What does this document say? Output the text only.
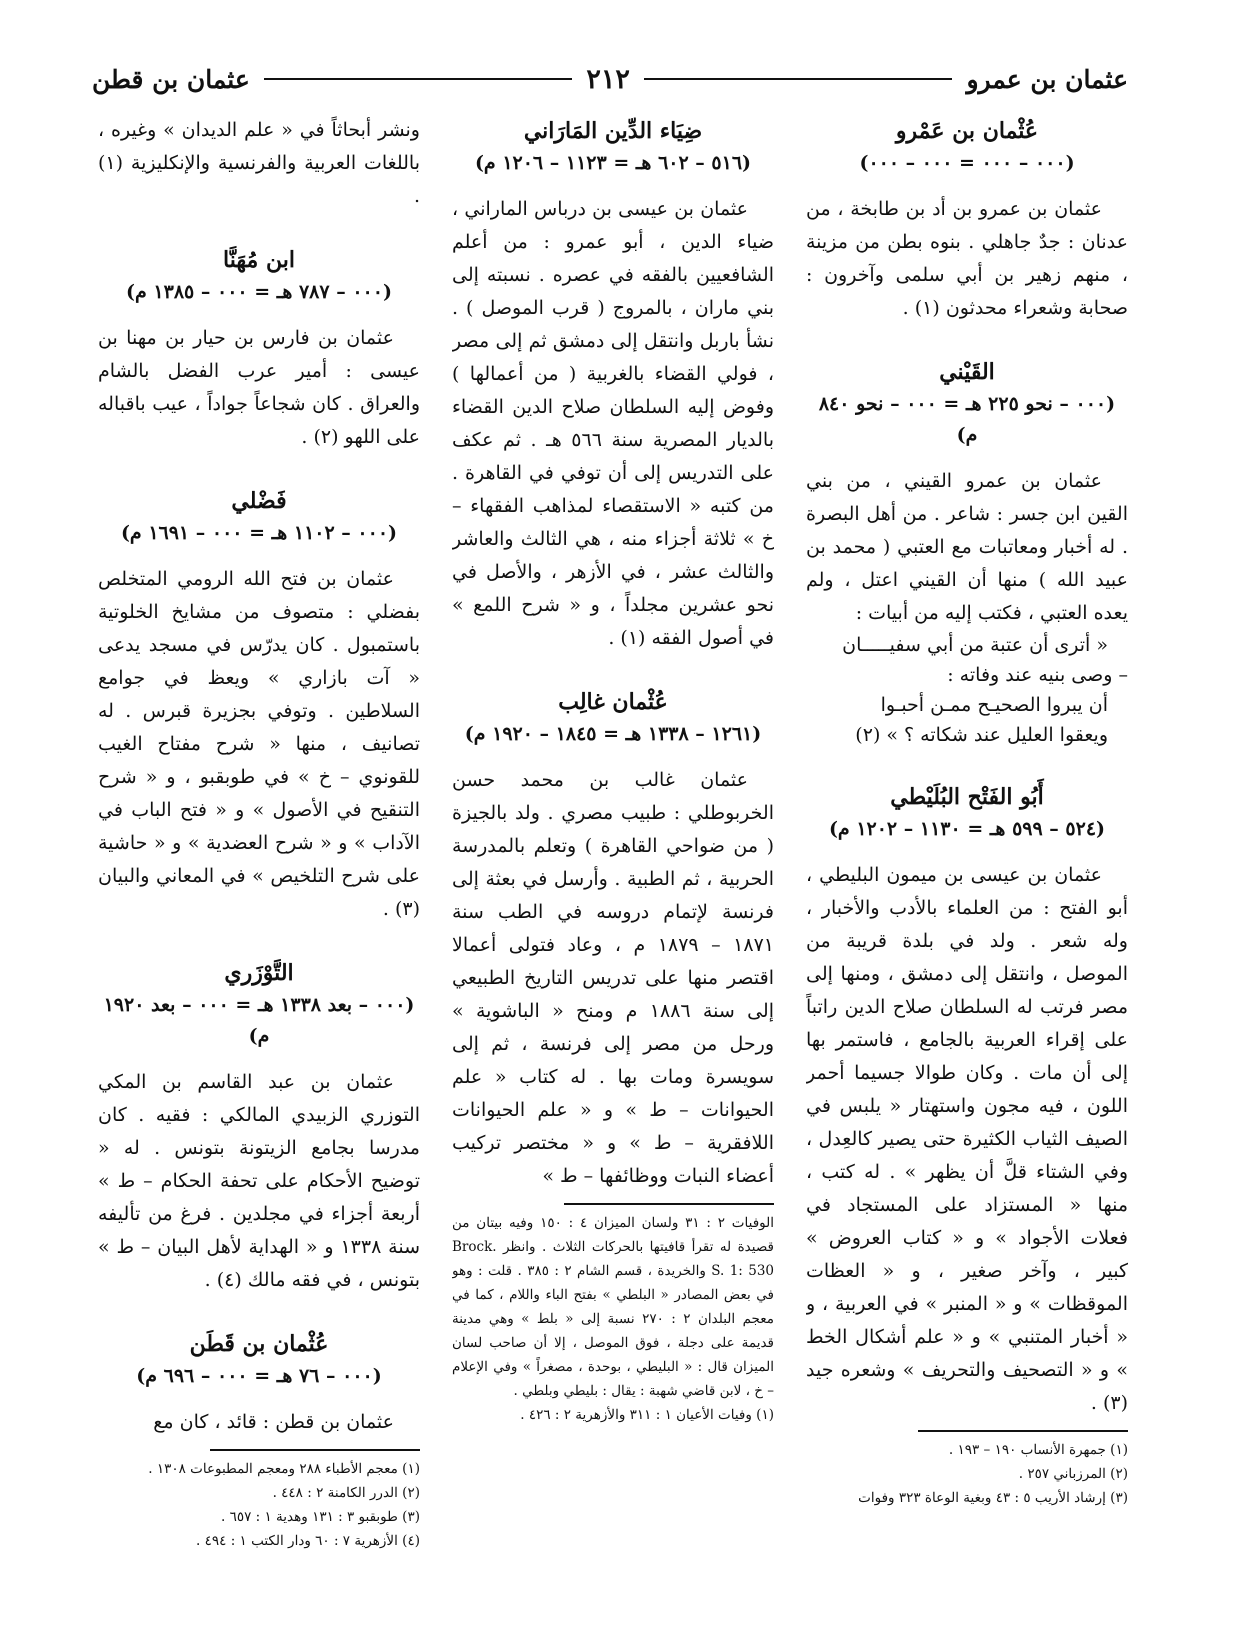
عثمان بن عمرو
٢١٢
عثمان بن قطن
عُثْمان بن عَمْرو
(٠٠٠ – ٠٠٠ = ٠٠٠ – ٠٠٠)

عثمان بن عمرو بن أد بن طابخة ، من عدنان : جدٌ جاهلي . بنوه بطن من مزينة ، منهم زهير بن أبي سلمى وآخرون : صحابة وشعراء محدثون (١) .

القَيْني
(٠٠٠ – نحو ٢٢٥ هـ = ٠٠٠ – نحو ٨٤٠ م)

عثمان بن عمرو القيني ، من بني القين ابن جسر : شاعر . من أهل البصرة . له أخبار ومعاتبات مع العتبي ( محمد بن عبيد الله ) منها أن القيني اعتل ، ولم يعده العتبي ، فكتب إليه من أبيات :

« أترى أن عتبة من أبي سفيـــــان
– وصى بنيه عند وفاته :
أن يبروا الصحيـح ممـن أحبـوا
ويعقوا العليل عند شكاته ؟ » (٢)
أَبُو الفَتْح البُلَيْطي
(٥٢٤ – ٥٩٩ هـ = ١١٣٠ – ١٢٠٢ م)

عثمان بن عيسى بن ميمون البليطي ، أبو الفتح : من العلماء بالأدب والأخبار ، وله شعر . ولد في بلدة قريبة من الموصل ، وانتقل إلى دمشق ، ومنها إلى مصر فرتب له السلطان صلاح الدين راتباً على إقراء العربية بالجامع ، فاستمر بها إلى أن مات . وكان طوالا جسيما أحمر اللون ، فيه مجون واستهتار « يلبس في الصيف الثياب الكثيرة حتى يصير كالعِدل ، وفي الشتاء قلَّ أن يظهر » . له كتب ، منها « المستزاد على المستجاد في فعلات الأجواد » و « كتاب العروض » كبير ، وآخر صغير ، و « العظات الموقظات » و « المنبر » في العربية ، و « أخبار المتنبي » و « علم أشكال الخط » و « التصحيف والتحريف » وشعره جيد (٣) .

(١) جمهرة الأنساب ١٩٠ – ١٩٣ .

(٢) المرزباني ٢٥٧ .

(٣) إرشاد الأريب ٥ : ٤٣ وبغية الوعاة ٣٢٣ وفوات

ضِيَاء الدِّين المَارَاني
(٥١٦ – ٦٠٢ هـ = ١١٢٣ – ١٢٠٦ م)

عثمان بن عيسى بن درباس الماراني ، ضياء الدين ، أبو عمرو : من أعلم الشافعيين بالفقه في عصره . نسبته إلى بني ماران ، بالمروج ( قرب الموصل ) . نشأ باربل وانتقل إلى دمشق ثم إلى مصر ، فولي القضاء بالغربية ( من أعمالها ) وفوض إليه السلطان صلاح الدين القضاء بالديار المصرية سنة ٥٦٦ هـ . ثم عكف على التدريس إلى أن توفي في القاهرة . من كتبه « الاستقصاء لمذاهب الفقهاء – خ » ثلاثة أجزاء منه ، هي الثالث والعاشر والثالث عشر ، في الأزهر ، والأصل في نحو عشرين مجلداً ، و « شرح اللمع » في أصول الفقه (١) .

عُثْمان غالِب
(١٢٦١ – ١٣٣٨ هـ = ١٨٤٥ – ١٩٢٠ م)

عثمان غالب بن محمد حسن الخربوطلي : طبيب مصري . ولد بالجيزة ( من ضواحي القاهرة ) وتعلم بالمدرسة الحربية ، ثم الطبية . وأرسل في بعثة إلى فرنسة لإتمام دروسه في الطب سنة ١٨٧١ – ١٨٧٩ م ، وعاد فتولى أعمالا اقتصر منها على تدريس التاريخ الطبيعي إلى سنة ١٨٨٦ م ومنح « الباشوية » ورحل من مصر إلى فرنسة ، ثم إلى سويسرة ومات بها . له كتاب « علم الحيوانات – ط » و « علم الحيوانات اللافقرية – ط » و « مختصر تركيب أعضاء النبات ووظائفها – ط »

الوفيات ٢ : ٣١ ولسان الميزان ٤ : ١٥٠ وفيه بيتان من قصيدة له تقرأ قافيتها بالحركات الثلاث . وانظر Brock. S. 1: 530 والخريدة ، قسم الشام ٢ : ٣٨٥ . قلت : وهو في بعض المصادر « البلطي » بفتح الباء واللام ، كما في معجم البلدان ٢ : ٢٧٠ نسبة إلى « بلط » وهي مدينة قديمة على دجلة ، فوق الموصل ، إلا أن صاحب لسان الميزان قال : « البليطي ، بوحدة ، مصغراً » وفي الإعلام – خ ، لابن قاضي شهبة : يقال : بليطي وبلطي .

(١) وفيات الأعيان ١ : ٣١١ والأزهرية ٢ : ٤٢٦ .

ونشر أبحاثاً في « علم الديدان » وغيره ، باللغات العربية والفرنسية والإنكليزية (١) .

ابن مُهَنَّا
(٠٠٠ – ٧٨٧ هـ = ٠٠٠ – ١٣٨٥ م)

عثمان بن فارس بن حيار بن مهنا بن عيسى : أمير عرب الفضل بالشام والعراق . كان شجاعاً جواداً ، عيب باقباله على اللهو (٢) .

فَضْلي
(٠٠٠ – ١١٠٢ هـ = ٠٠٠ – ١٦٩١ م)

عثمان بن فتح الله الرومي المتخلص بفضلي : متصوف من مشايخ الخلوتية باستمبول . كان يدرّس في مسجد يدعى « آت بازاري » ويعظ في جوامع السلاطين . وتوفي بجزيرة قبرس . له تصانيف ، منها « شرح مفتاح الغيب للقونوي – خ » في طوبقبو ، و « شرح التنقيح في الأصول » و « فتح الباب في الآداب » و « شرح العضدية » و « حاشية على شرح التلخيص » في المعاني والبيان (٣) .

التَّوْزَري
(٠٠٠ – بعد ١٣٣٨ هـ = ٠٠٠ – بعد ١٩٢٠ م)

عثمان بن عبد القاسم بن المكي التوزري الزبيدي المالكي : فقيه . كان مدرسا بجامع الزيتونة بتونس . له « توضيح الأحكام على تحفة الحكام – ط » أربعة أجزاء في مجلدين . فرغ من تأليفه سنة ١٣٣٨ و « الهداية لأهل البيان – ط » بتونس ، في فقه مالك (٤) .

عُثْمان بن قَطَن
(٠٠٠ – ٧٦ هـ = ٠٠٠ – ٦٩٦ م)

عثمان بن قطن : قائد ، كان مع

(١) معجم الأطباء ٢٨٨ ومعجم المطبوعات ١٣٠٨ .

(٢) الدرر الكامنة ٢ : ٤٤٨ .

(٣) طوبقبو ٣ : ١٣١ وهدية ١ : ٦٥٧ .

(٤) الأزهرية ٧ : ٦٠ ودار الكتب ١ : ٤٩٤ .
